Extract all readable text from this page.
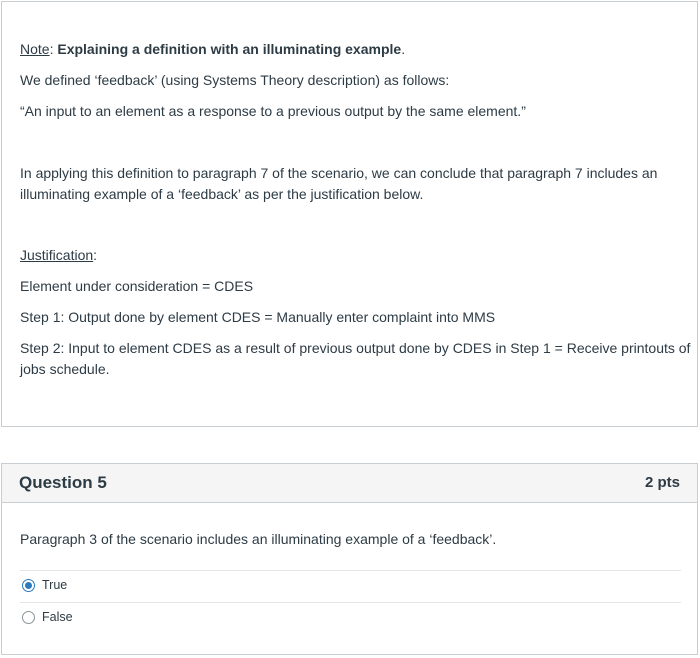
Note: Explaining a definition with an illuminating example.
We defined ‘feedback’ (using Systems Theory description) as follows:
“An input to an element as a response to a previous output by the same element.”
In applying this definition to paragraph 7 of the scenario, we can conclude that paragraph 7 includes an
illuminating example of a ‘feedback’ as per the justification below.
Justification:
Element under consideration = CDES
Step 1: Output done by element CDES = Manually enter complaint into MMS
Step 2: Input to element CDES as a result of previous output done by CDES in Step 1 = Receive printouts of
jobs schedule.
Question 5	2 pts
Paragraph 3 of the scenario includes an illuminating example of a ‘feedback’.
True
False
